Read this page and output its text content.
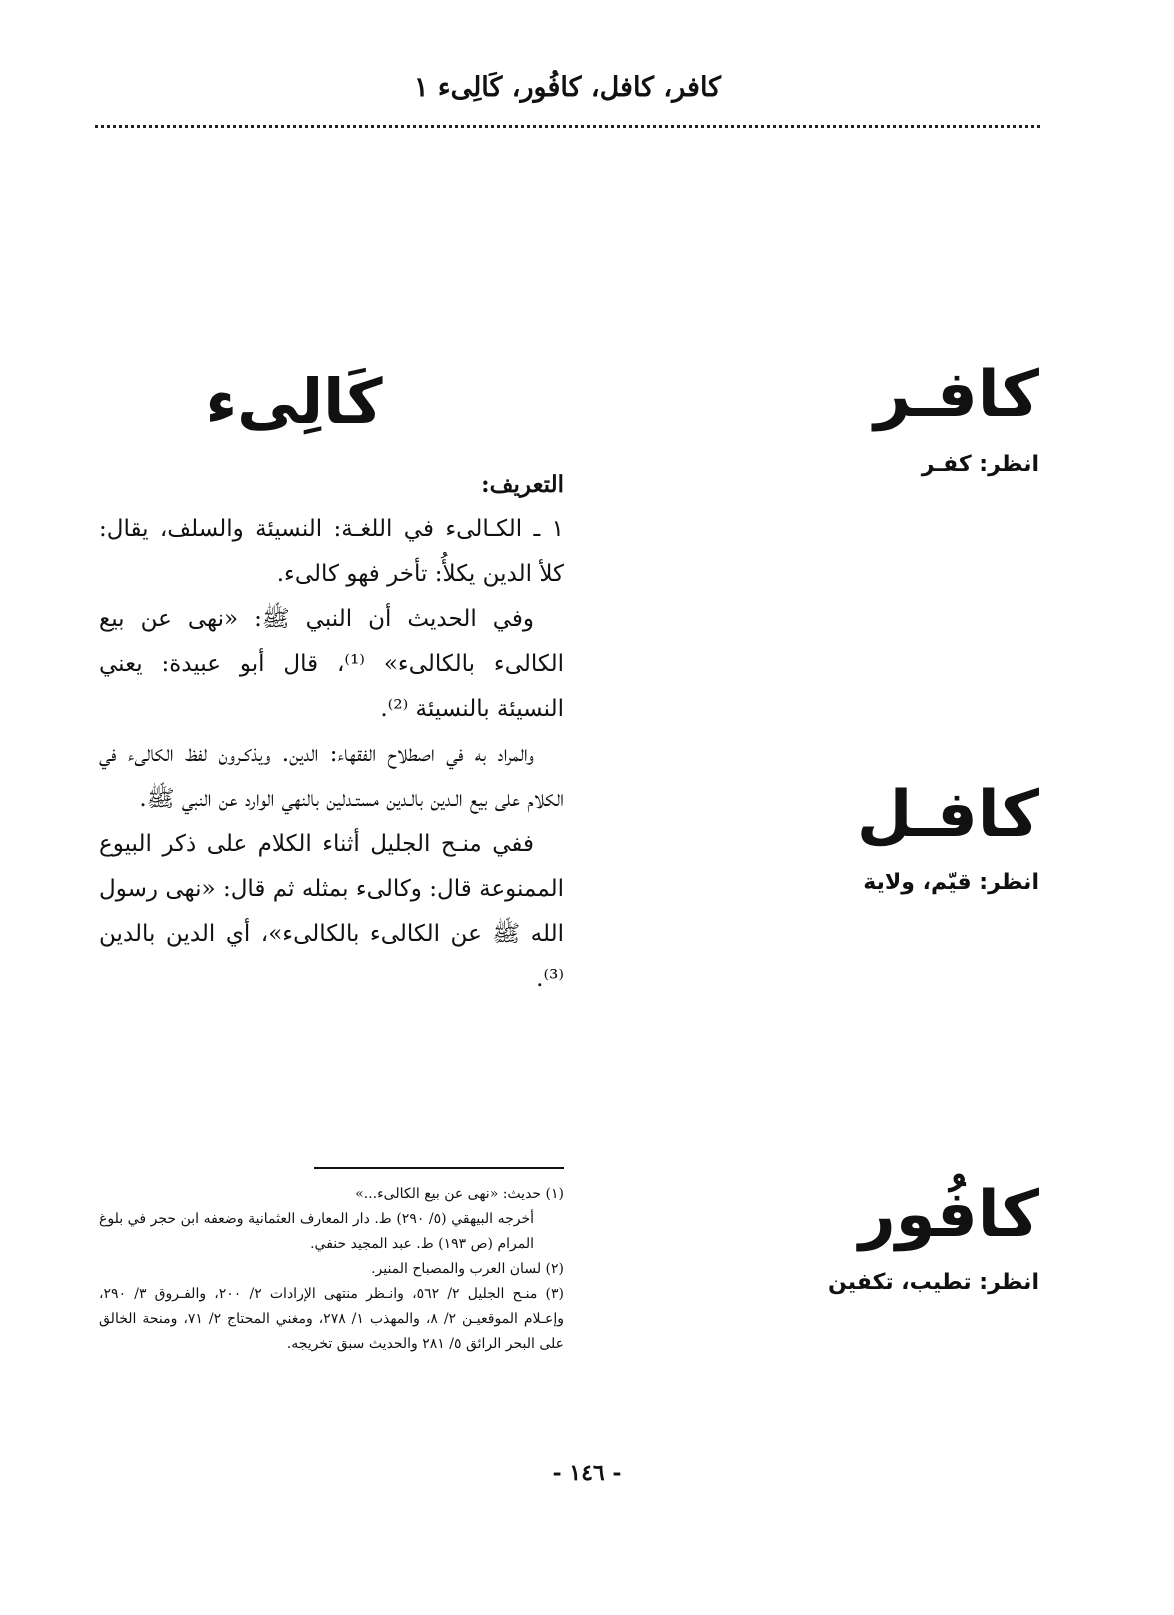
كافر، كافل، كافُور، كَالِىء ١
كافـر
انظر: كفـر
كافـل
انظر: قيّم، ولاية
كافُور
انظر: تطيب، تكفين
كَالِىء

التعريف:

١ ـ الكـالىء في اللغـة: النسيئة والسلف، يقال: كلأ الدين يكلأُ: تأخر فهو كالىء.

وفي الحديث أن النبي ﷺ: «نهى عن بيع الكالىء بالكالىء» ⁽¹⁾، قال أبو عبيدة: يعني النسيئة بالنسيئة ⁽²⁾.

والمراد به في اصطلاح الفقهاء: الدين. ويذكـرون لفظ الكالىء في الكلام على بيع الـدين بالـدين مستـدلين بالنهي الوارد عن النبي ﷺ.

ففي منـح الجليل أثناء الكلام على ذكر البيوع الممنوعة قال: وكالىء بمثله ثم قال: «نهى رسول الله ﷺ عن الكالىء بالكالىء»، أي الدين بالدين ⁽³⁾.

(١) حديث: «نهى عن بيع الكالىء...»

أخرجه البيهقي (٥/ ٢٩٠) ط. دار المعارف العثمانية وضعفه ابن حجر في بلوغ المرام (ص ١٩٣) ط. عبد المجيد حنفي.

(٢) لسان العرب والمصباح المنير.

(٣) منـح الجليل ٢/ ٥٦٢، وانـظر منتهى الإرادات ٢/ ٢٠٠، والفـروق ٣/ ٢٩٠، وإعـلام الموقعيـن ٢/ ٨، والمهذب ١/ ٢٧٨، ومغني المحتاج ٢/ ٧١، ومنحة الخالق على البحر الرائق ٥/ ٢٨١ والحديث سبق تخريجه.

- ١٤٦ -
